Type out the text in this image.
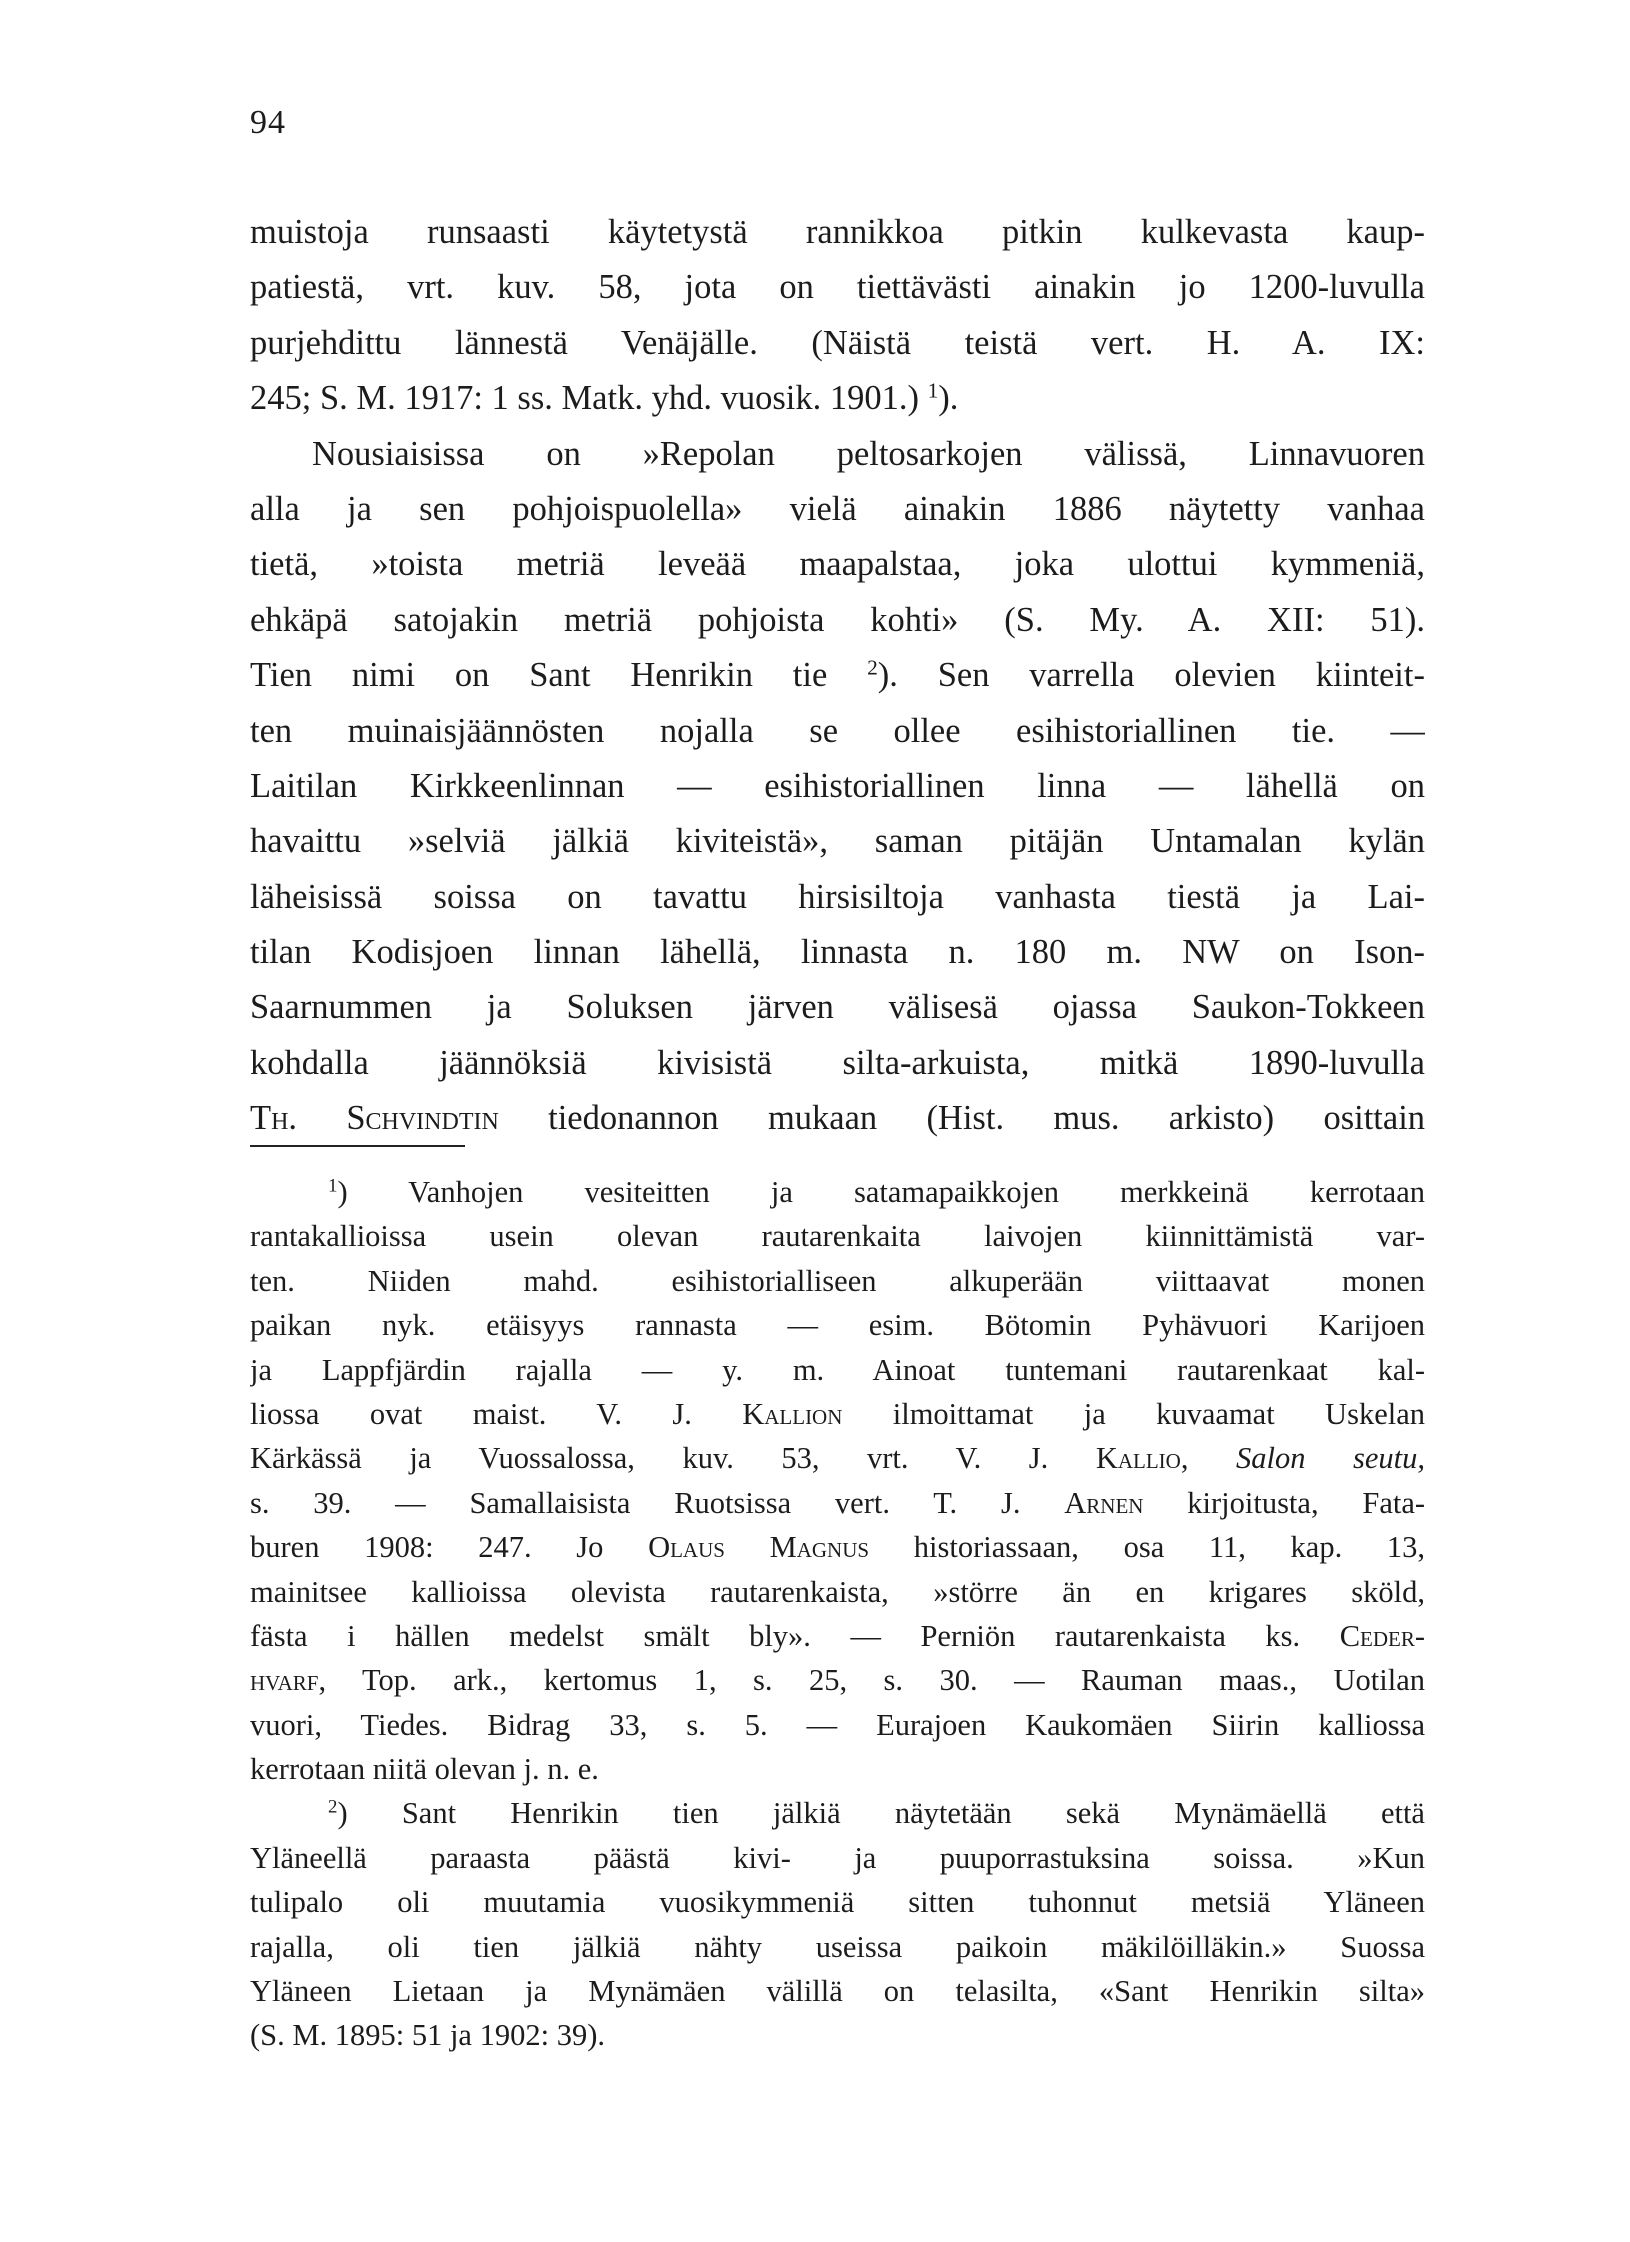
94
muistoja runsaasti käytetystä rannikkoa pitkin kulkevasta kaup-
patiestä, vrt. kuv. 58, jota on tiettävästi ainakin jo 1200-luvulla
purjehdittu lännestä Venäjälle. (Näistä teistä vert. H. A. IX:
245; S. M. 1917: 1 ss. Matk. yhd. vuosik. 1901.) $^1$).
Nousiaisissa on »Repolan peltosarkojen välissä, Linnavuoren
alla ja sen pohjoispuolella» vielä ainakin 1886 näytetty vanhaa
tietä, »toista metriä leveää maapalstaa, joka ulottui kymmeniä,
ehkäpä satojakin metriä pohjoista kohti» (S. My. A. XII: 51).
Tien nimi on Sant Henrikin tie $^2$). Sen varrella olevien kiinteit-
ten muinaisjäännösten nojalla se ollee esihistoriallinen tie. —
Laitilan Kirkkeenlinnan — esihistoriallinen linna — lähellä on
havaittu »selviä jälkiä kiviteistä», saman pitäjän Untamalan kylän
läheisissä soissa on tavattu hirsisiltoja vanhasta tiestä ja Lai-
tilan Kodisjoen linnan lähellä, linnasta n. 180 m. NW on Ison-
Saarnummen ja Soluksen järven välisesä ojassa Saukon-Tokkeen
kohdalla jäännöksiä kivisistä silta-arkuista, mitkä 1890-luvulla
Th. Schvindtin tiedonannon mukaan (Hist. mus. arkisto) osittain
$^1$) Vanhojen vesiteitten ja satamapaikkojen merkkeinä kerrotaan
rantakallioissa usein olevan rautarenkaita laivojen kiinnittämistä var-
ten. Niiden mahd. esihistorialliseen alkuperään viittaavat monen
paikan nyk. etäisyys rannasta — esim. Bötomin Pyhävuori Karijoen
ja Lappfjärdin rajalla — y. m. Ainoat tuntemani rautarenkaat kal-
liossa ovat maist. V. J. Kallion ilmoittamat ja kuvaamat Uskelan
Kärkässä ja Vuossalossa, kuv. 53, vrt. V. J. Kallio, Salon seutu,
s. 39. — Samallaisista Ruotsissa vert. T. J. Arnen kirjoitusta, Fata-
buren 1908: 247. Jo Olaus Magnus historiassaan, osa 11, kap. 13,
mainitsee kallioissa olevista rautarenkaista, »större än en krigares sköld,
fästa i hällen medelst smält bly». — Perniön rautarenkaista ks. Ceder-
hvarf, Top. ark., kertomus 1, s. 25, s. 30. — Rauman maas., Uotilan
vuori, Tiedes. Bidrag 33, s. 5. — Eurajoen Kaukomäen Siirin kalliossa
kerrotaan niitä olevan j. n. e.
$^2$) Sant Henrikin tien jälkiä näytetään sekä Mynämäellä että
Yläneellä paraasta päästä kivi- ja puuporrastuksina soissa. »Kun
tulipalo oli muutamia vuosikymmeniä sitten tuhonnut metsiä Yläneen
rajalla, oli tien jälkiä nähty useissa paikoin mäkilöilläkin.» Suossa
Yläneen Lietaan ja Mynämäen välillä on telasilta, «Sant Henrikin silta»
(S. M. 1895: 51 ja 1902: 39).
